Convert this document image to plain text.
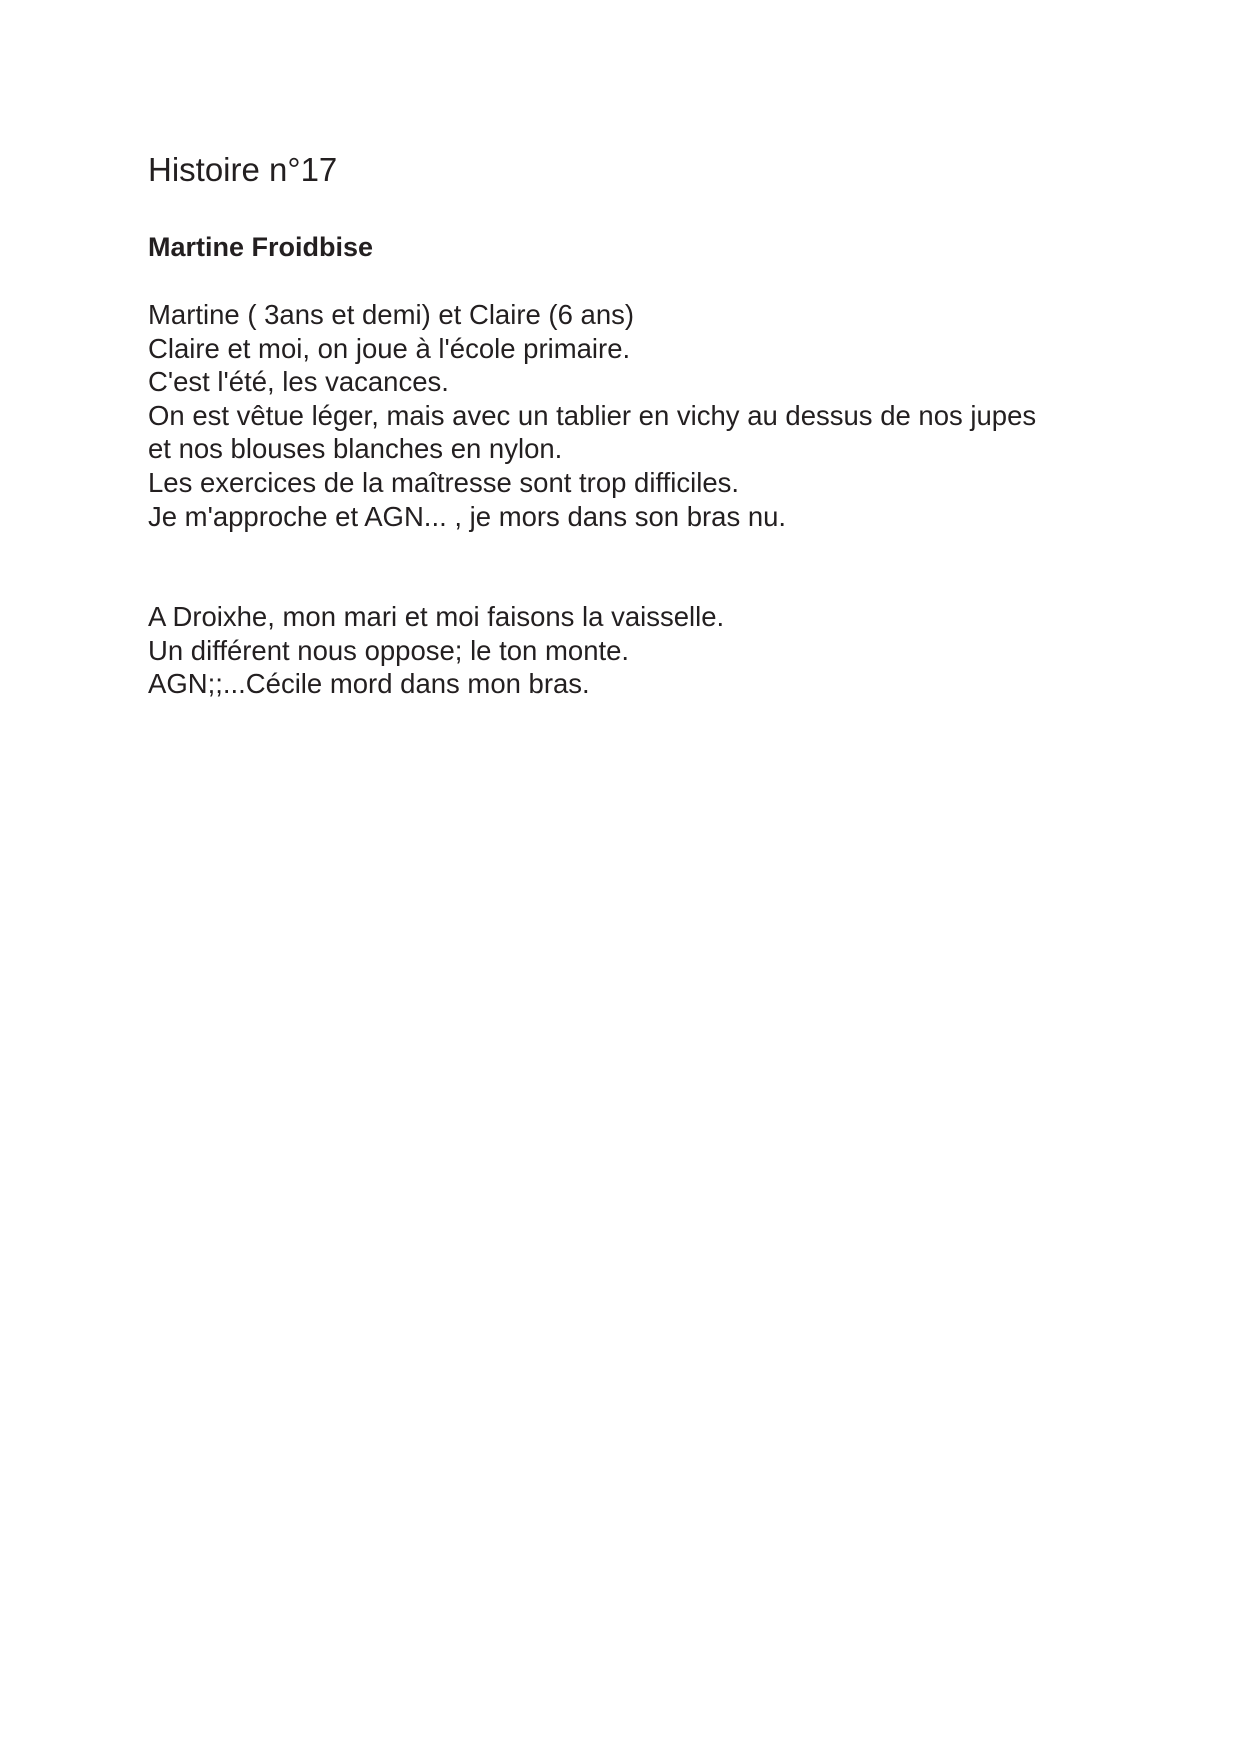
Histoire n°17
Martine Froidbise

Martine ( 3ans et demi) et Claire (6 ans)
Claire et moi, on joue à l'école primaire.
C'est l'été, les vacances.
On est vêtue léger, mais avec un tablier en vichy au dessus de nos jupes
et nos blouses blanches en nylon.
Les exercices de la maîtresse sont trop difficiles.
Je m'approche et AGN... , je mors dans son bras nu.

A Droixhe, mon mari et moi faisons la vaisselle.
Un différent nous oppose; le ton monte.
AGN;;...Cécile mord dans mon bras.
